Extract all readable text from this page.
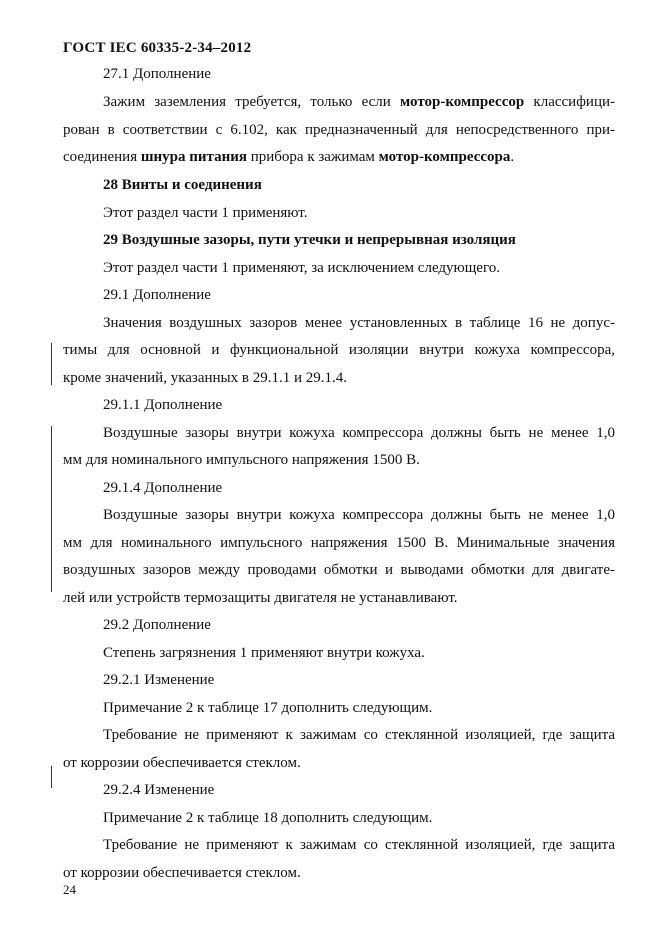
ГОСТ IEC 60335-2-34–2012
27.1 Дополнение
Зажим заземления требуется, только если мотор-компрессор классифици-
рован в соответствии с 6.102, как предназначенный для непосредственного при-
соединения шнура питания прибора к зажимам мотор-компрессора.
28 Винты и соединения
Этот раздел части 1 применяют.
29 Воздушные зазоры, пути утечки и непрерывная изоляция
Этот раздел части 1 применяют, за исключением следующего.
29.1 Дополнение
Значения воздушных зазоров менее установленных в таблице 16 не допус-
тимы для основной и функциональной изоляции внутри кожуха компрессора,
кроме значений, указанных в 29.1.1 и 29.1.4.
29.1.1 Дополнение
Воздушные зазоры внутри кожуха компрессора должны быть не менее 1,0
мм для номинального импульсного напряжения 1500 В.
29.1.4 Дополнение
Воздушные зазоры внутри кожуха компрессора должны быть не менее 1,0
мм для номинального импульсного напряжения 1500 В. Минимальные значения
воздушных зазоров между проводами обмотки и выводами обмотки для двигате-
лей или устройств термозащиты двигателя не устанавливают.
29.2 Дополнение
Степень загрязнения 1 применяют внутри кожуха.
29.2.1 Изменение
Примечание 2 к таблице 17 дополнить следующим.
Требование не применяют к зажимам со стеклянной изоляцией, где защита
от коррозии обеспечивается стеклом.
29.2.4 Изменение
Примечание 2 к таблице 18 дополнить следующим.
Требование не применяют к зажимам со стеклянной изоляцией, где защита
от коррозии обеспечивается стеклом.
24
